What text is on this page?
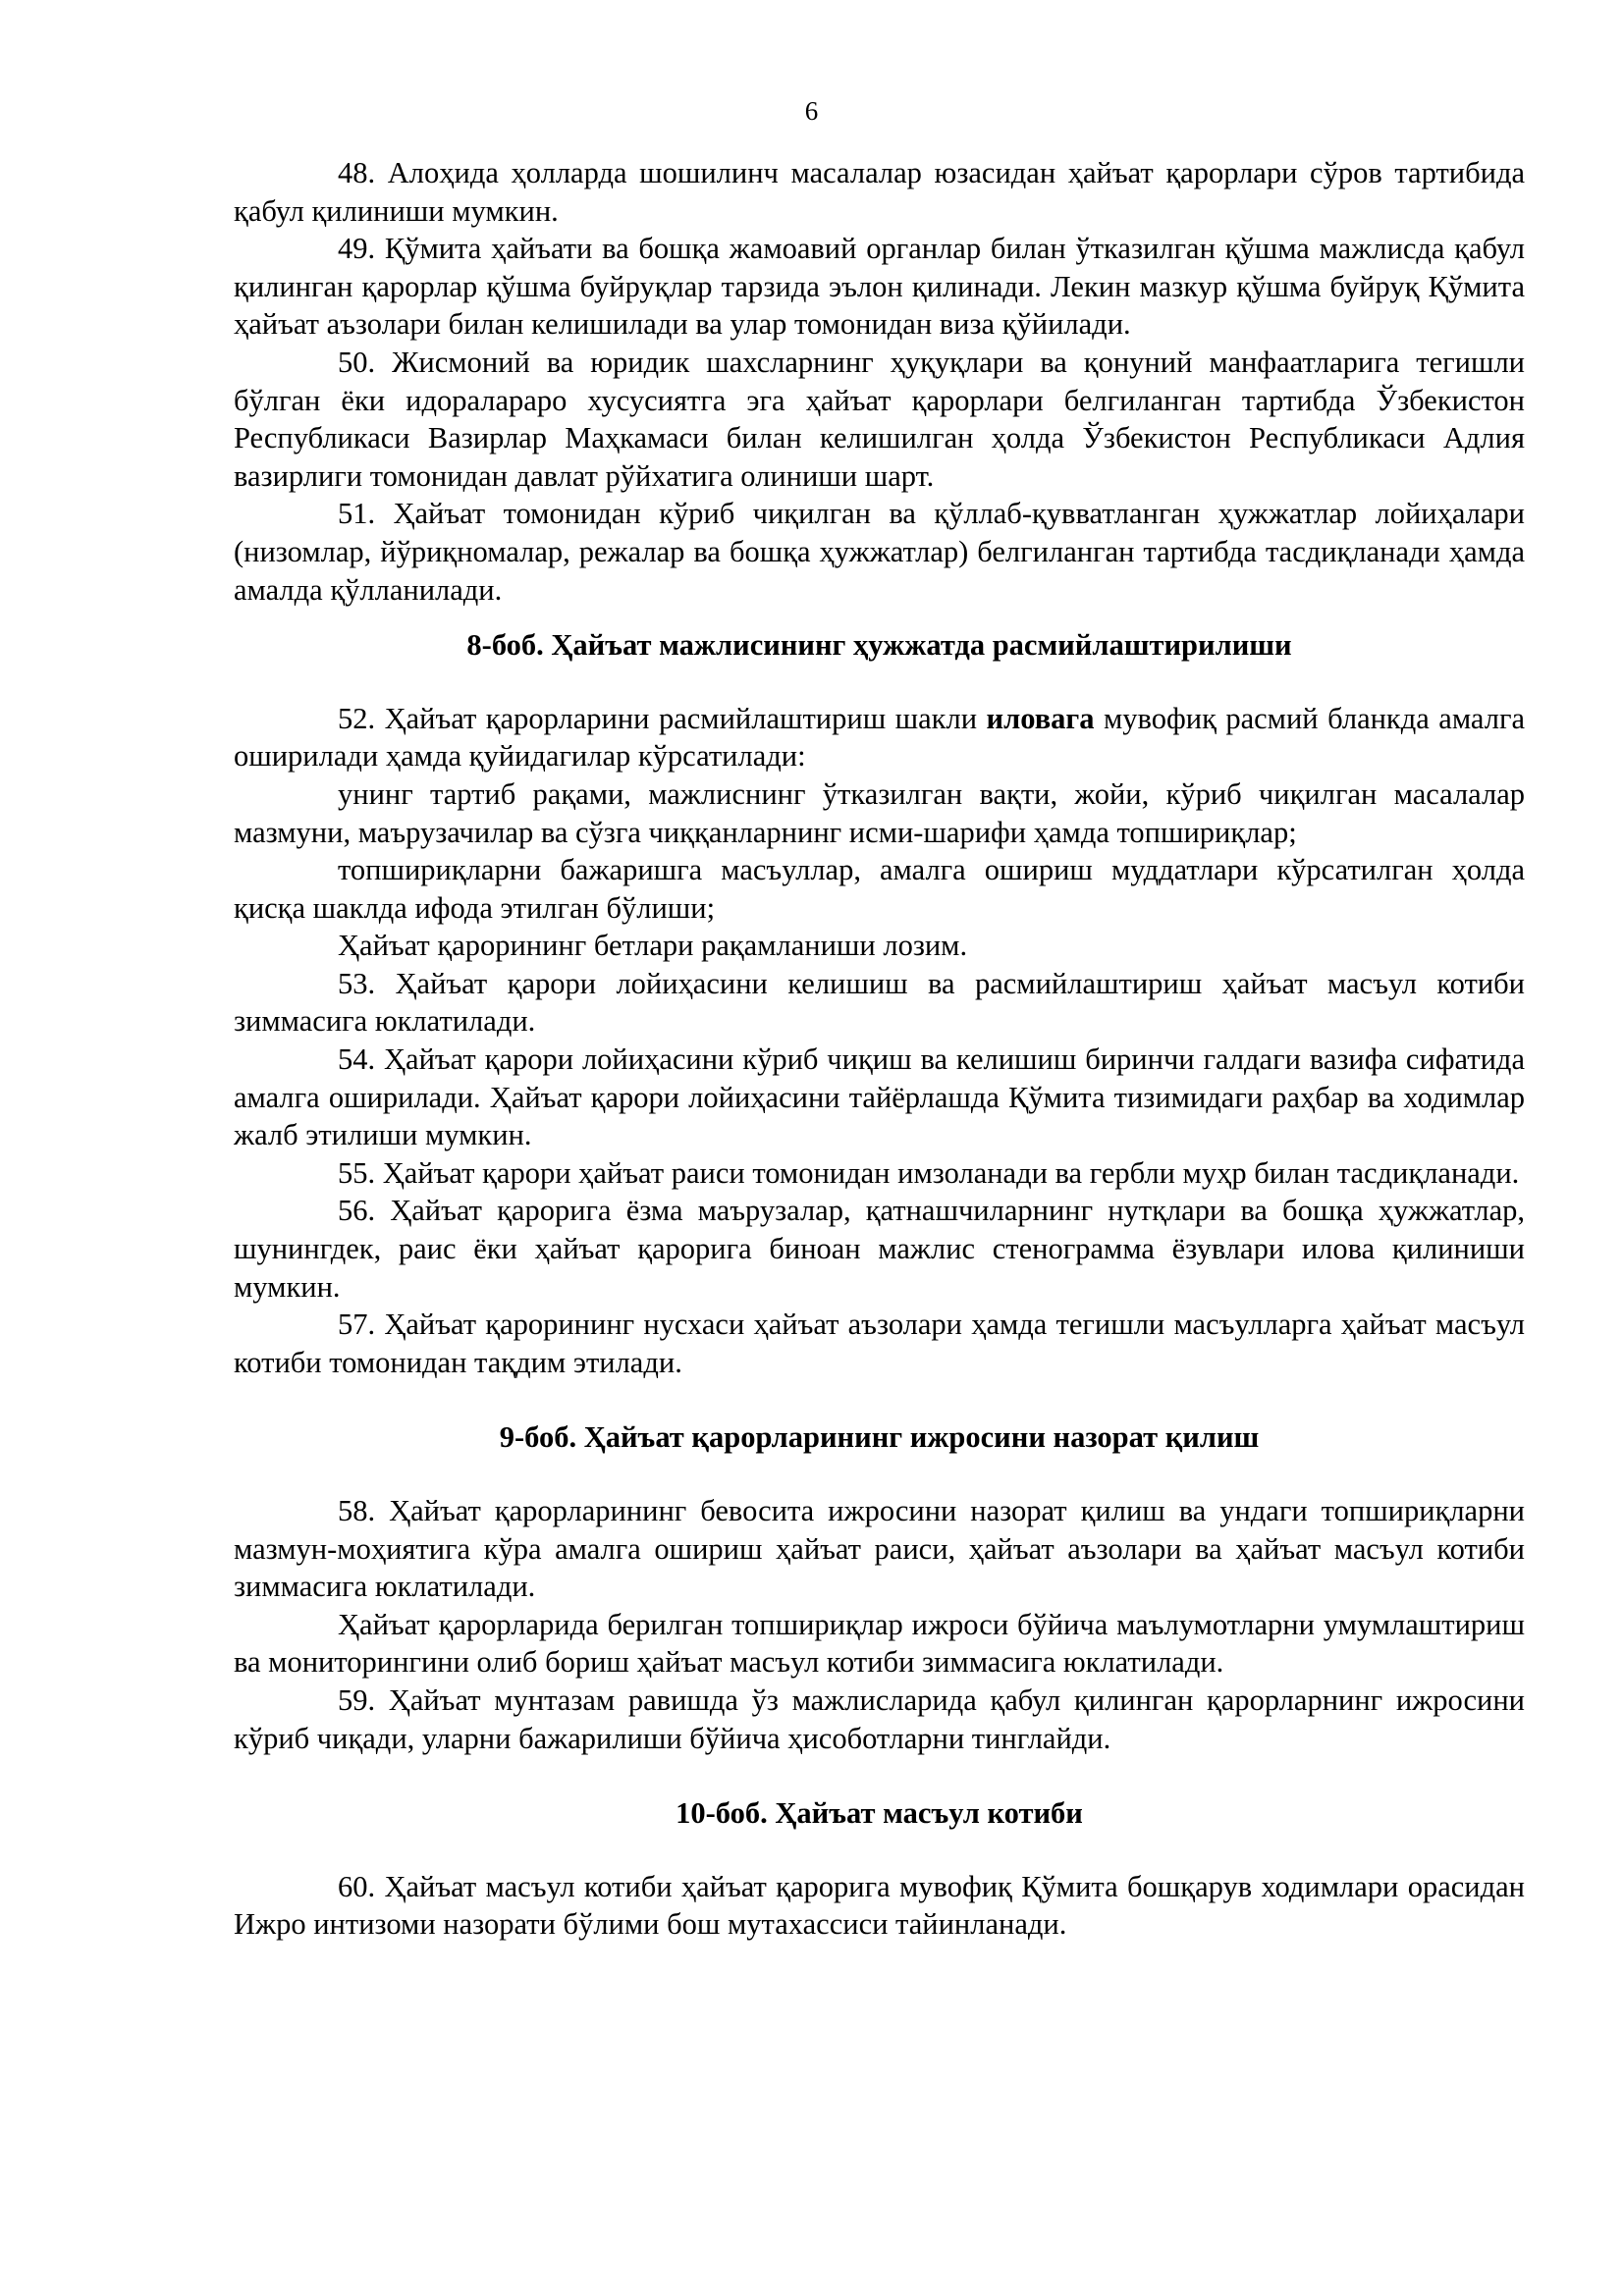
6

48. Алоҳида ҳолларда шошилинч масалалар юзасидан ҳайъат қарорлари сўров тартибида қабул қилиниши мумкин.

49. Қўмита ҳайъати ва бошқа жамоавий органлар билан ўтказилган қўшма мажлисда қабул қилинган қарорлар қўшма буйруқлар тарзида эълон қилинади. Лекин мазкур қўшма буйруқ Қўмита ҳайъат аъзолари билан келишилади ва улар томонидан виза қўйилади.

50. Жисмоний ва юридик шахсларнинг ҳуқуқлари ва қонуний манфаатларига тегишли бўлган ёки идоралараро хусусиятга эга ҳайъат қарорлари белгиланган тартибда Ўзбекистон Республикаси Вазирлар Маҳкамаси билан келишилган ҳолда Ўзбекистон Республикаси Адлия вазирлиги томонидан давлат рўйхатига олиниши шарт.

51. Ҳайъат томонидан кўриб чиқилган ва қўллаб-қувватланган ҳужжатлар лойиҳалари (низомлар, йўриқномалар, режалар ва бошқа ҳужжатлар) белгиланган тартибда тасдиқланади ҳамда амалда қўлланилади.

8-боб. Ҳайъат мажлисининг ҳужжатда расмийлаштирилиши

52. Ҳайъат қарорларини расмийлаштириш шакли иловага мувофиқ расмий бланкда амалга оширилади ҳамда қуйидагилар кўрсатилади:

унинг тартиб рақами, мажлиснинг ўтказилган вақти, жойи, кўриб чиқилган масалалар мазмуни, маърузачилар ва сўзга чиққанларнинг исми-шарифи ҳамда топшириқлар;

топшириқларни бажаришга масъуллар, амалга ошириш муддатлари кўрсатилган ҳолда қисқа шаклда ифода этилган бўлиши;

Ҳайъат қарорининг бетлари рақамланиши лозим.

53. Ҳайъат қарори лойиҳасини келишиш ва расмийлаштириш ҳайъат масъул котиби зиммасига юклатилади.

54. Ҳайъат қарори лойиҳасини кўриб чиқиш ва келишиш биринчи галдаги вазифа сифатида амалга оширилади. Ҳайъат қарори лойиҳасини тайёрлашда Қўмита тизимидаги раҳбар ва ходимлар жалб этилиши мумкин.

55. Ҳайъат қарори ҳайъат раиси томонидан имзоланади ва гербли муҳр билан тасдиқланади.

56. Ҳайъат қарорига ёзма маърузалар, қатнашчиларнинг нутқлари ва бошқа ҳужжатлар, шунингдек, раис ёки ҳайъат қарорига биноан мажлис стенограмма ёзувлари илова қилиниши мумкин.

57. Ҳайъат қарорининг нусхаси ҳайъат аъзолари ҳамда тегишли масъулларга ҳайъат масъул котиби томонидан тақдим этилади.

9-боб. Ҳайъат қарорларининг ижросини назорат қилиш

58. Ҳайъат қарорларининг бевосита ижросини назорат қилиш ва ундаги топшириқларни мазмун-моҳиятига кўра амалга ошириш ҳайъат раиси, ҳайъат аъзолари ва ҳайъат масъул котиби зиммасига юклатилади.

Ҳайъат қарорларида берилган топшириқлар ижроси бўйича маълумотларни умумлаштириш ва мониторингини олиб бориш ҳайъат масъул котиби зиммасига юклатилади.

59. Ҳайъат мунтазам равишда ўз мажлисларида қабул қилинган қарорларнинг ижросини кўриб чиқади, уларни бажарилиши бўйича ҳисоботларни тинглайди.

10-боб. Ҳайъат масъул котиби

60. Ҳайъат масъул котиби ҳайъат қарорига мувофиқ Қўмита бошқарув ходимлари орасидан Ижро интизоми назорати бўлими бош мутахассиси тайинланади.
